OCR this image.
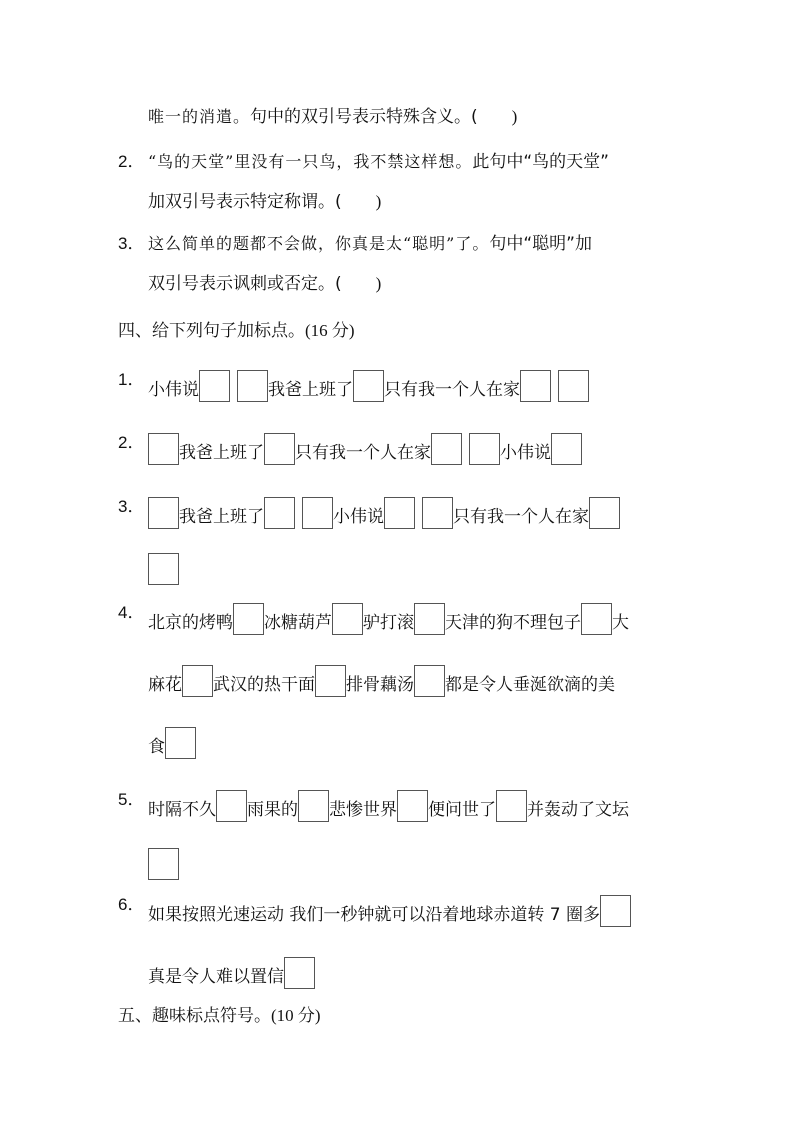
唯一的消遣。 句中的双引号表示特殊含义。( )
2． “鸟的天堂”里没有一只鸟，我不禁这样想。 此句中“鸟的天堂”
加双引号表示特定称谓。( )
3． 这么简单的题都不会做，你真是太“聪明”了。 句中“聪明”加
双引号表示讽刺或否定。( )
四、给下列句子加标点。(16 分)
1．
小伟说	我爸上班了 只有我一个人在家
2．
我爸上班了 只有我一个人在家	小伟说
3．
我爸上班了	小伟说	只有我一个人在家
4．
北京的烤鸭 冰糖葫芦 驴打滚 天津的狗不理包子 大
麻花 武汉的热干面 排骨藕汤 都是令人垂涎欲滴的美
食
5．
时隔不久 雨果的 悲惨世界 便问世了 并轰动了文坛
6．
如果按照光速运动 我们一秒钟就可以沿着地球赤道转 7 圈多
真是令人难以置信
五、趣味标点符号。(10 分)
